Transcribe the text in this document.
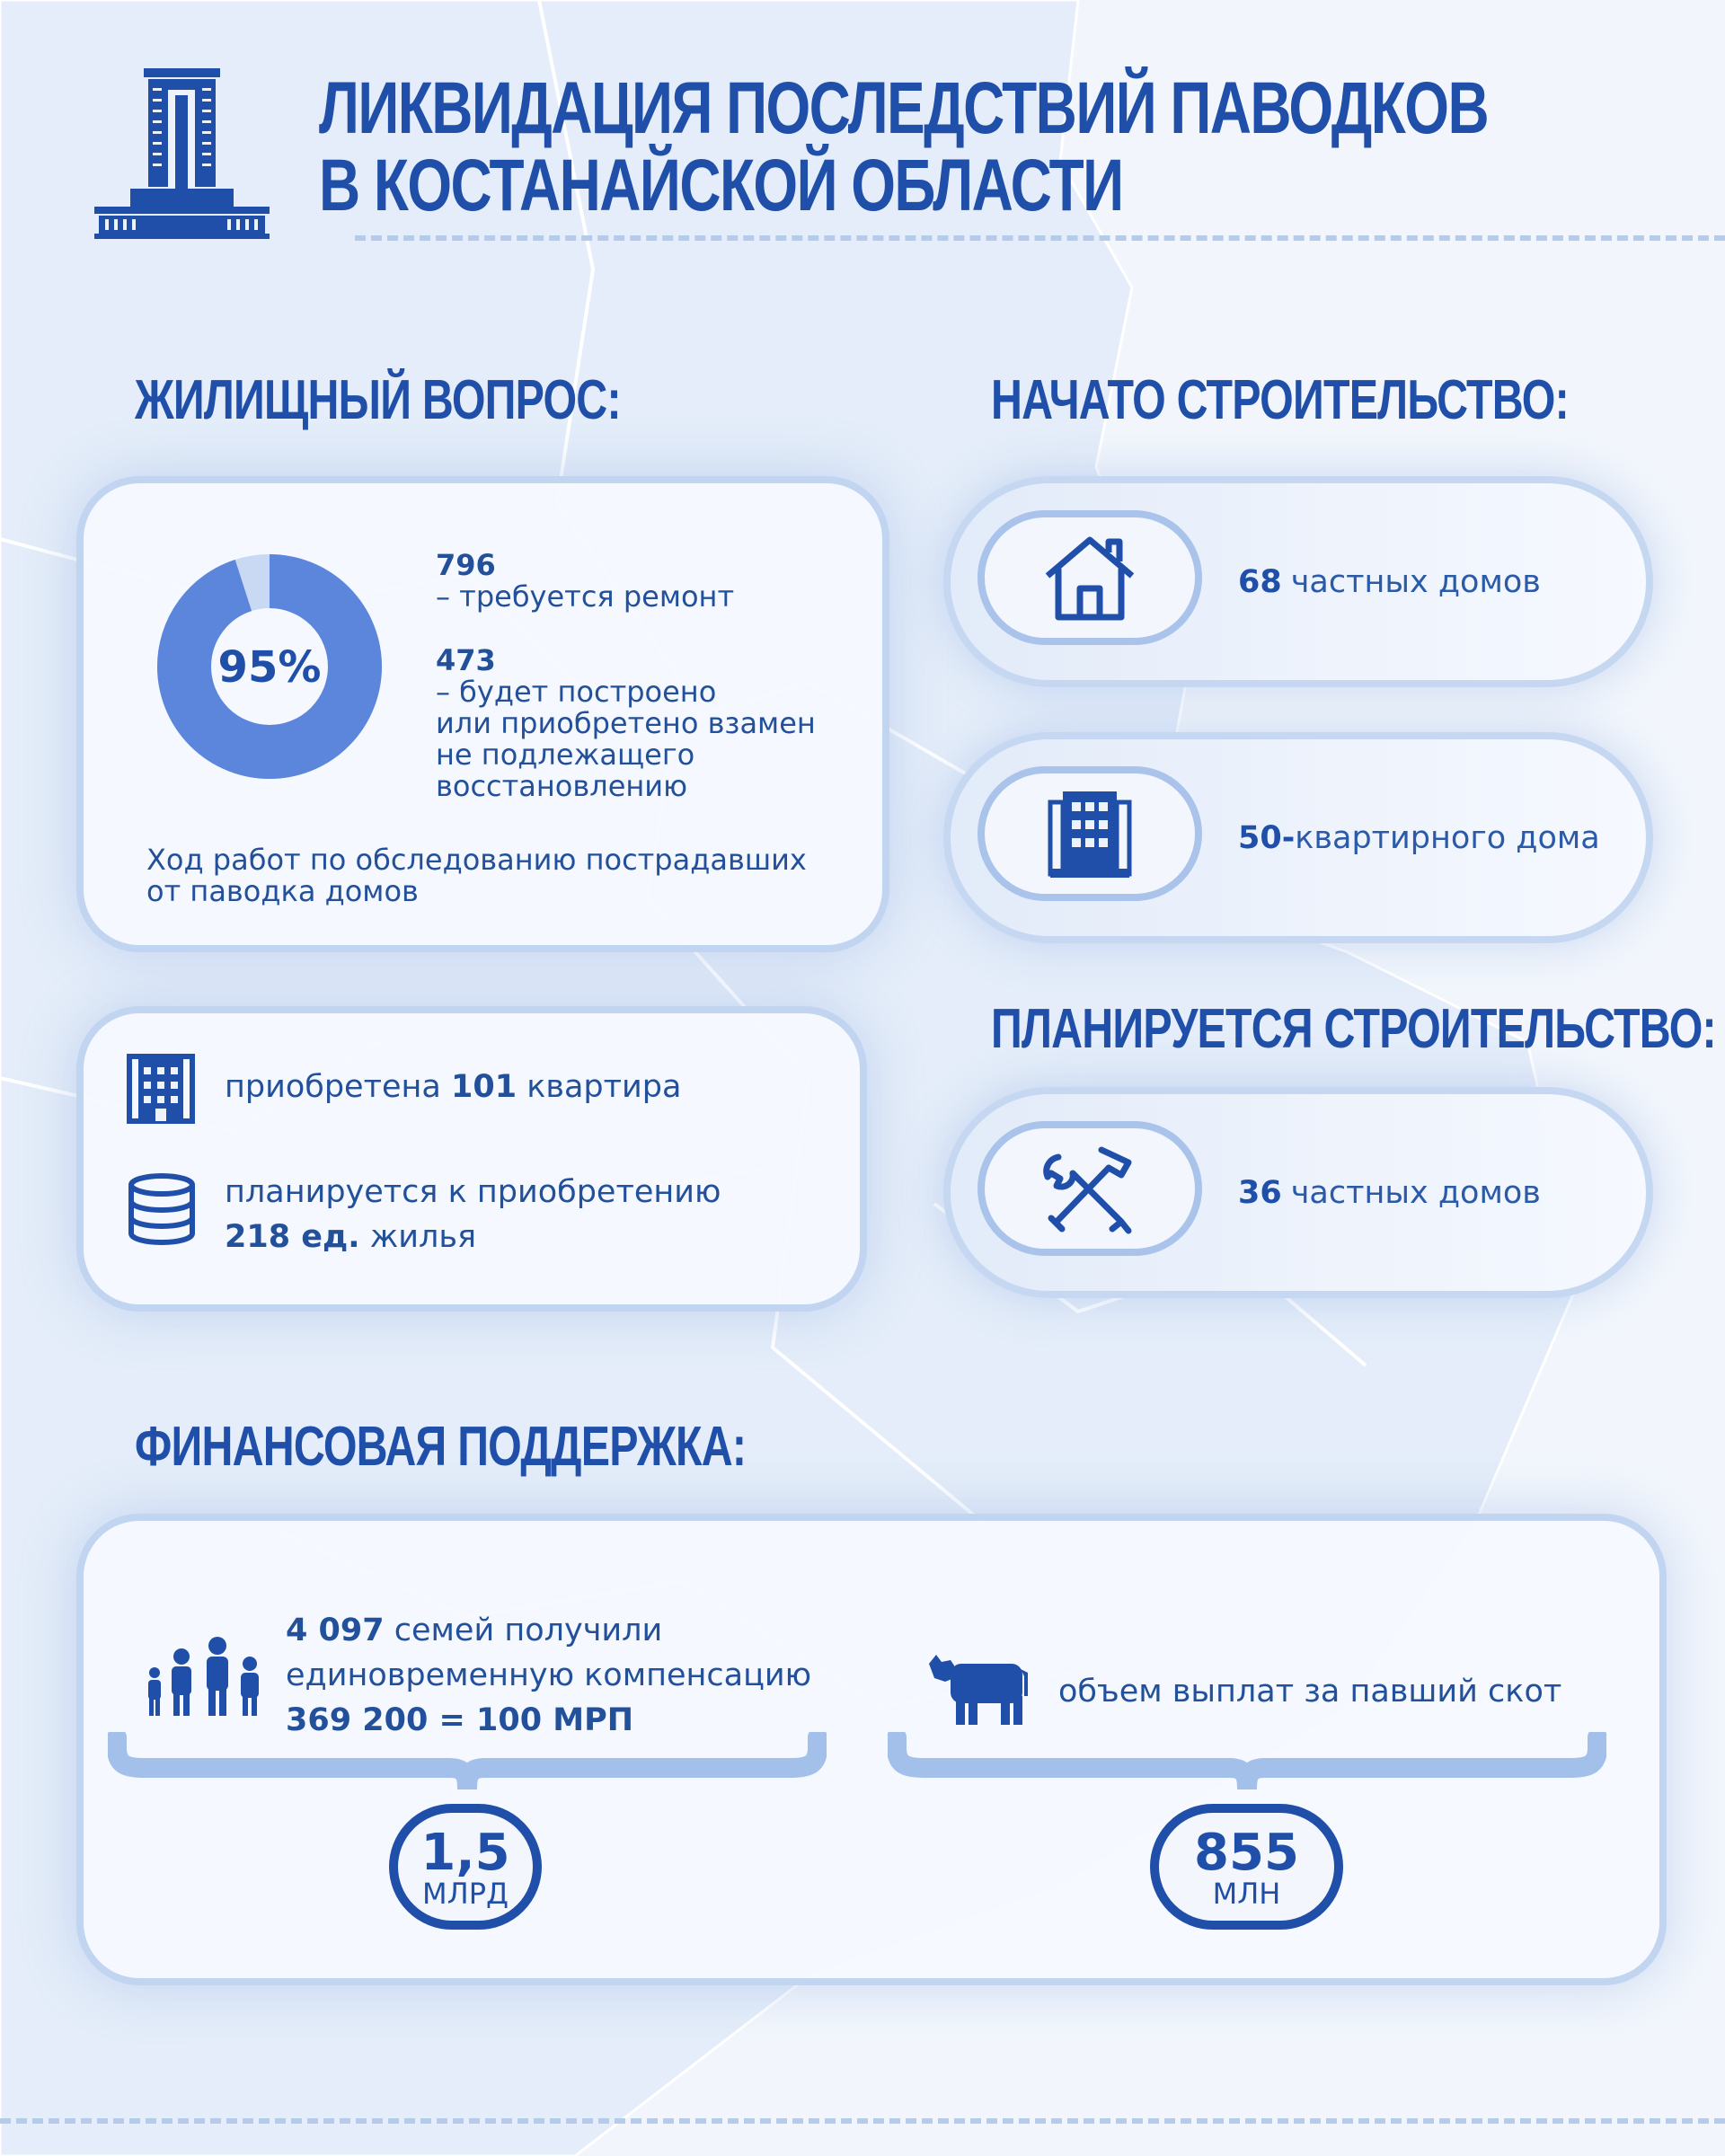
ЛИКВИДАЦИЯ ПОСЛЕДСТВИЙ ПАВОДКОВ
В КОСТАНАЙСКОЙ ОБЛАСТИ
ЖИЛИЩНЫЙ ВОПРОС:	НАЧАТО СТРОИТЕЛЬСТВО:
ПЛАНИРУЕТСЯ СТРОИТЕЛЬСТВО:
ФИНАНСОВАЯ ПОДДЕРЖКА:
95%
796
– требуется ремонт
473
– будет построено
или приобретено взамен
не подлежащего
восстановлению
Ход работ по обследованию пострадавших
от паводка домов
приобретена 101 квартира
планируется к приобретению
218 ед. жилья
68 частных домов
50- квартирного дома
36 частных домов
4 097 семей получили
единовременную компенсацию
369 200 = 100 МРП
объем выплат за павший скот
1,5
МЛРД
855
МЛН
